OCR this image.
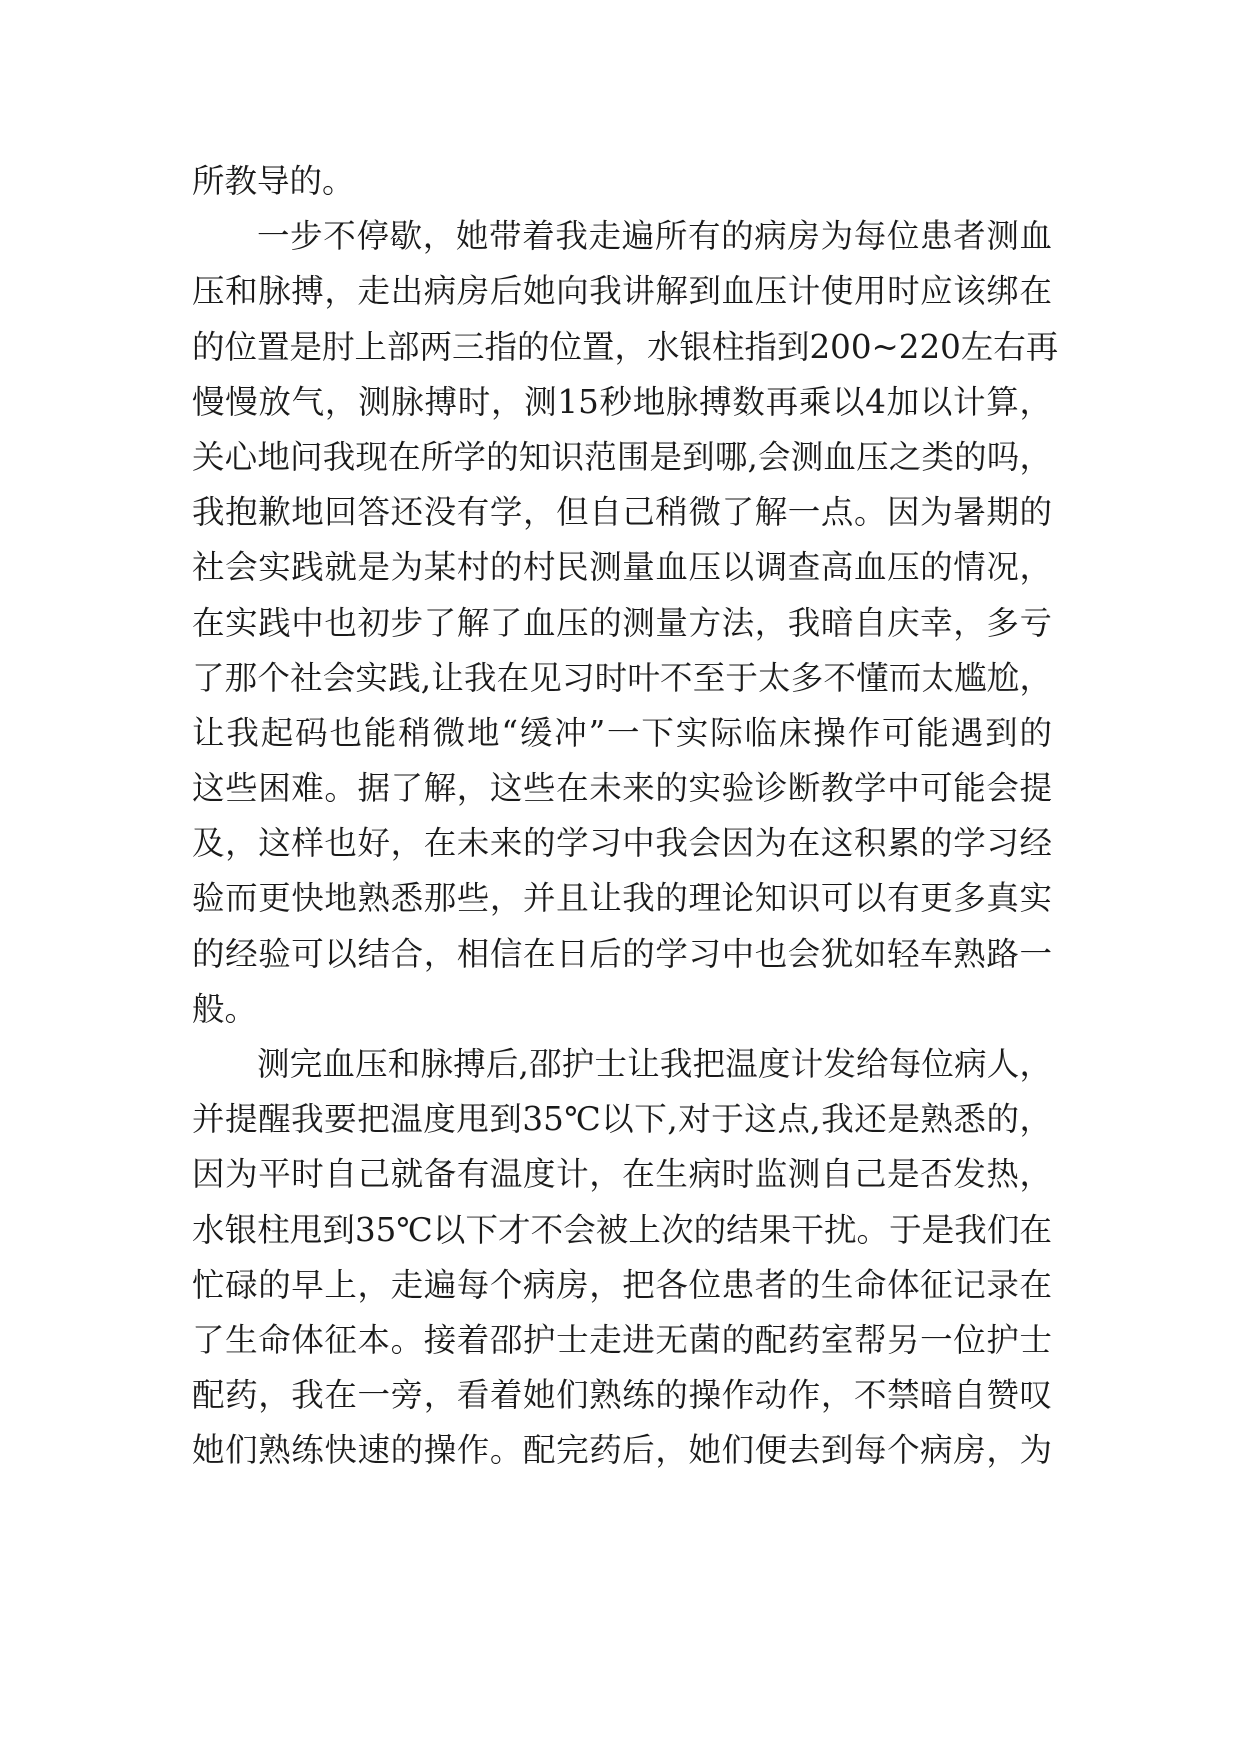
所教导的。
一步不停歇，她带着我走遍所有的病房为每位患者测血
压和脉搏，走出病房后她向我讲解到血压计使用时应该绑在
的位置是肘上部两三指的位置，水银柱指到200~220左右再
慢慢放气，测脉搏时，测15秒地脉搏数再乘以4加以计算，
关心地问我现在所学的知识范围是到哪,会测血压之类的吗，
我抱歉地回答还没有学，但自己稍微了解一点。因为暑期的
社会实践就是为某村的村民测量血压以调查高血压的情况，
在实践中也初步了解了血压的测量方法，我暗自庆幸，多亏
了那个社会实践,让我在见习时叶不至于太多不懂而太尴尬，
让我起码也能稍微地“缓冲”一下实际临床操作可能遇到的
这些困难。据了解，这些在未来的实验诊断教学中可能会提
及，这样也好，在未来的学习中我会因为在这积累的学习经
验而更快地熟悉那些，并且让我的理论知识可以有更多真实
的经验可以结合，相信在日后的学习中也会犹如轻车熟路一
般。
测完血压和脉搏后,邵护士让我把温度计发给每位病人，
并提醒我要把温度甩到35℃以下,对于这点,我还是熟悉的，
因为平时自己就备有温度计，在生病时监测自己是否发热，
水银柱甩到35℃以下才不会被上次的结果干扰。于是我们在
忙碌的早上，走遍每个病房，把各位患者的生命体征记录在
了生命体征本。接着邵护士走进无菌的配药室帮另一位护士
配药，我在一旁，看着她们熟练的操作动作，不禁暗自赞叹
她们熟练快速的操作。配完药后，她们便去到每个病房，为
